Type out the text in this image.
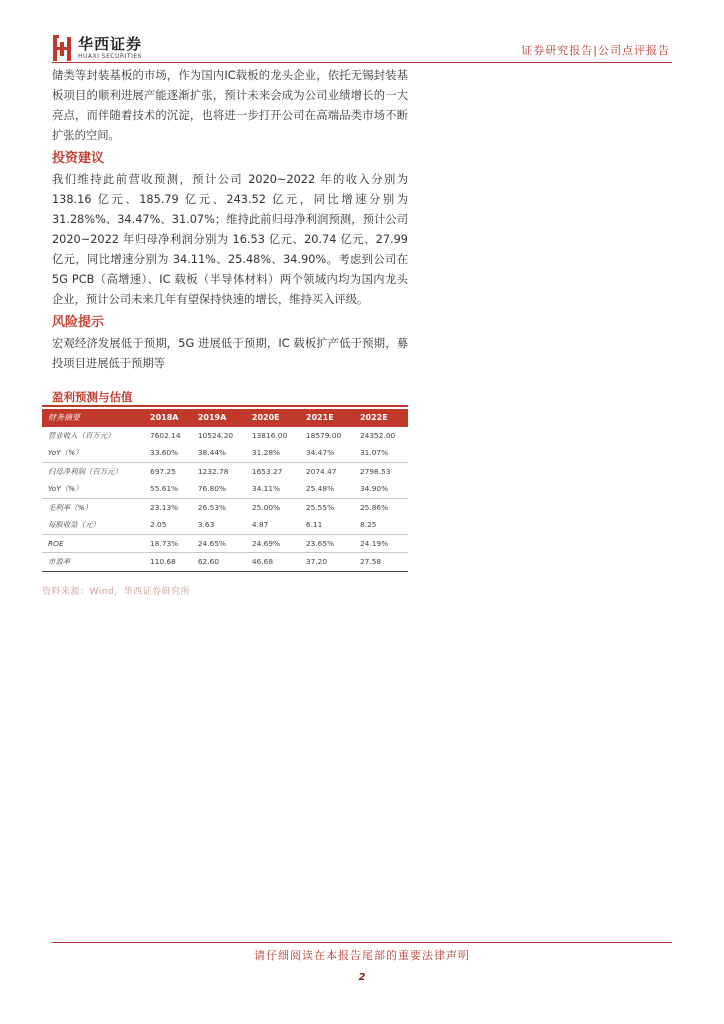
华西证券
HUAXI SECURITIES	证券研究报告|公司点评报告

储类等封装基板的市场，作为国内IC载板的龙头企业，依托无锡封装基板项目的顺利进展产能逐渐扩张，预计未来会成为公司业绩增长的一大亮点，而伴随着技术的沉淀，也将进一步打开公司在高端品类市场不断扩张的空间。

投资建议

我们维持此前营收预测，预计公司 2020~2022 年的收入分别为 138.16 亿元、185.79 亿元、243.52 亿元，同比增速分别为 31.28%%、34.47%、31.07%；维持此前归母净利润预测，预计公司 2020~2022 年归母净利润分别为 16.53 亿元、20.74 亿元、27.99 亿元，同比增速分别为 34.11%、25.48%、34.90%。考虑到公司在 5G PCB（高增速）、IC 载板（半导体材料）两个领域内均为国内龙头企业，预计公司未来几年有望保持快速的增长，维持买入评级。

风险提示

宏观经济发展低于预期，5G 进展低于预期，IC 载板扩产低于预期，募投项目进展低于预期等

盈利预测与估值
财务摘要	2018A	2019A	2020E	2021E	2022E
营业收入（百万元）	7602.14	10524.20	13816.00	18579.00	24352.00
YoY（%）	33.60%	38.44%	31.28%	34.47%	31.07%
归母净利润（百万元）	697.25	1232.78	1653.27	2074.47	2798.53
YoY（%）	55.61%	76.80%	34.11%	25.48%	34.90%
毛利率（%）	23.13%	26.53%	25.00%	25.55%	25.86%
每股收益（元）	2.05	3.63	4.87	6.11	8.25
ROE	18.73%	24.65%	24.69%	23.65%	24.19%
市盈率	110.68	62.60	46.68	37.20	27.58
资料来源：Wind，华西证券研究所
请仔细阅读在本报告尾部的重要法律声明
2
